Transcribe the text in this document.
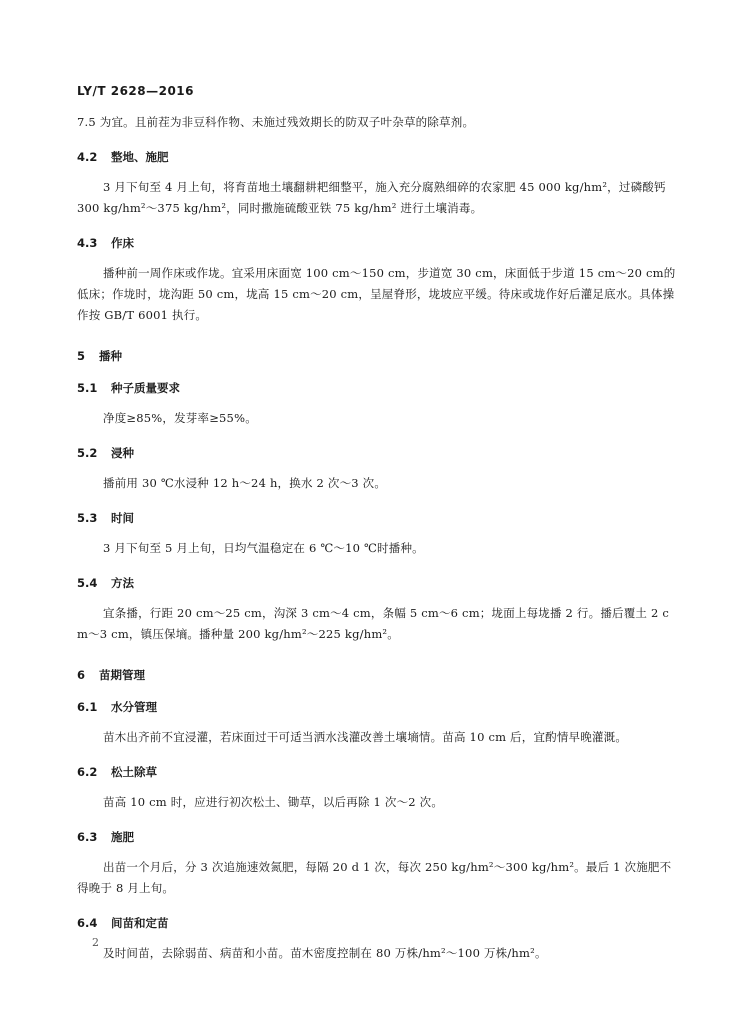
LY/T 2628—2016

7.5 为宜。且前茬为非豆科作物、未施过残效期长的防双子叶杂草的除草剂。

4.2 整地、施肥

3 月下旬至 4 月上旬，将育苗地土壤翻耕耙细整平，施入充分腐熟细碎的农家肥 45 000 kg/hm²，过磷酸钙 300 kg/hm²～375 kg/hm²，同时撒施硫酸亚铁 75 kg/hm² 进行土壤消毒。

4.3 作床

播种前一周作床或作垅。宜采用床面宽 100 cm～150 cm，步道宽 30 cm，床面低于步道 15 cm～20 cm的低床；作垅时，垅沟距 50 cm，垅高 15 cm～20 cm，呈屋脊形，垅坡应平缓。待床或垅作好后灌足底水。具体操作按 GB/T 6001 执行。

5 播种
5.1 种子质量要求

净度≥85%，发芽率≥55%。

5.2 浸种

播前用 30 ℃水浸种 12 h～24 h，换水 2 次～3 次。

5.3 时间

3 月下旬至 5 月上旬，日均气温稳定在 6 ℃～10 ℃时播种。

5.4 方法

宜条播，行距 20 cm～25 cm，沟深 3 cm～4 cm，条幅 5 cm～6 cm；垅面上每垅播 2 行。播后覆土 2 cm～3 cm，镇压保墒。播种量 200 kg/hm²～225 kg/hm²。

6 苗期管理
6.1 水分管理

苗木出齐前不宜浸灌，若床面过干可适当洒水浅灌改善土壤墒情。苗高 10 cm 后，宜酌情早晚灌溉。

6.2 松土除草

苗高 10 cm 时，应进行初次松土、锄草，以后再除 1 次～2 次。

6.3 施肥

出苗一个月后，分 3 次追施速效氮肥，每隔 20 d 1 次，每次 250 kg/hm²～300 kg/hm²。最后 1 次施肥不得晚于 8 月上旬。

6.4 间苗和定苗

及时间苗，去除弱苗、病苗和小苗。苗木密度控制在 80 万株/hm²～100 万株/hm²。

2
